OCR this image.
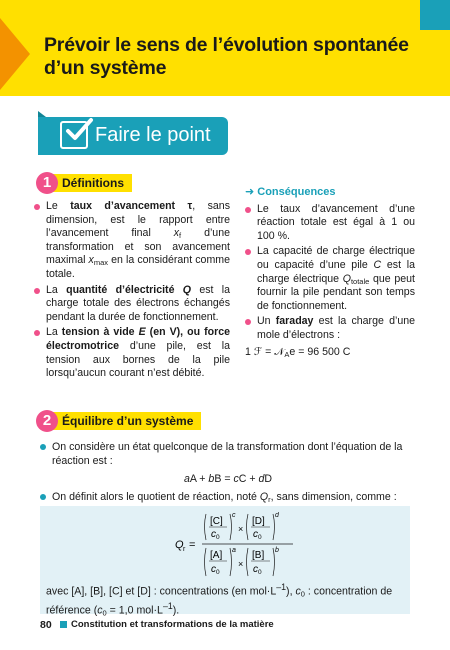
Prévoir le sens de l’évolution spontanée d’un système
Faire le point
Définitions
1

Le taux d’avancement τ, sans dimension, est le rapport entre l’avancement final $x_f$ d’une transformation et son avancement maximal $x_{max}$ en la considérant comme totale.

La quantité d’électricité Q est la charge totale des électrons échangés pendant la durée de fonctionnement.

La tension à vide E (en V), ou force électromotrice d’une pile, est la tension aux bornes de la pile lorsqu’aucun courant n’est débité.

➜ Conséquences

Le taux d’avancement d’une réaction totale est égal à 1 ou 100 %.

La capacité de charge électrique ou capacité d’une pile C est la charge électrique $Q_{totale}$ que peut fournir la pile pendant son temps de fonctionnement.

Un faraday est la charge d’une mole d’électrons :

1 ℱ = 𝒩$_A$e = 96 500 C

Équilibre d’un système
2

On considère un état quelconque de la transformation dont l’équation de la réaction est :

aA + bB = cC + dD

On définit alors le quotient de réaction, noté $Q_r$, sans dimension, comme :

Q r =
[C]
c 0
c
×
[D]
c 0
d
[A]
c 0
a
×
[B]
c 0
b
avec [A], [B], [C] et [D] : concentrations (en $mol\cdot L^{-1}$), $c_0$ : concentration de référence ($c_0 = 1,0$ $mol\cdot L^{-1}$).
80 Constitution et transformations de la matière
